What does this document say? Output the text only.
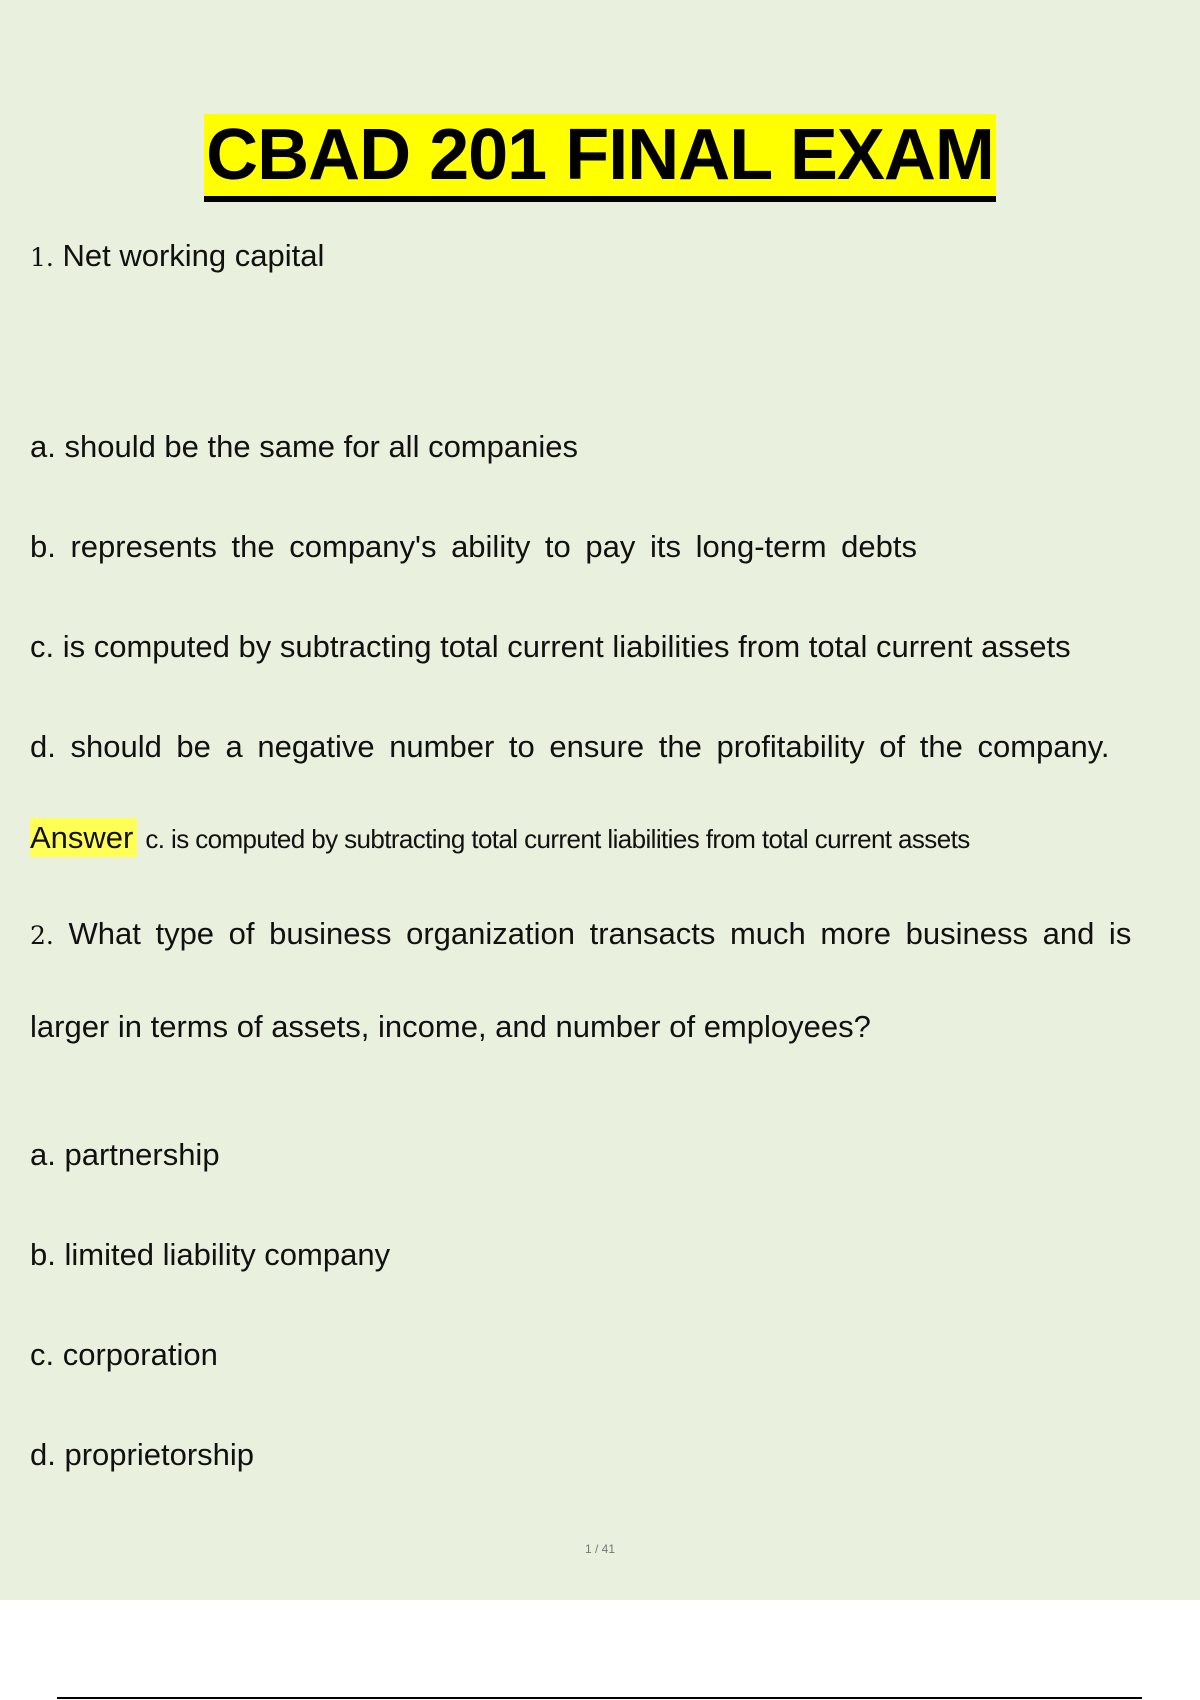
CBAD 201 FINAL EXAM
1. Net working capital
a. should be the same for all companies
b. represents the company's ability to pay its long-term debts
c. is computed by subtracting total current liabilities from total current assets
d. should be a negative number to ensure the profitability of the company.
Answer c. is computed by subtracting total current liabilities from total current assets
2. What type of business organization transacts much more business and is
larger in terms of assets, income, and number of employees?
a. partnership
b. limited liability company
c. corporation
d. proprietorship
1 / 41
